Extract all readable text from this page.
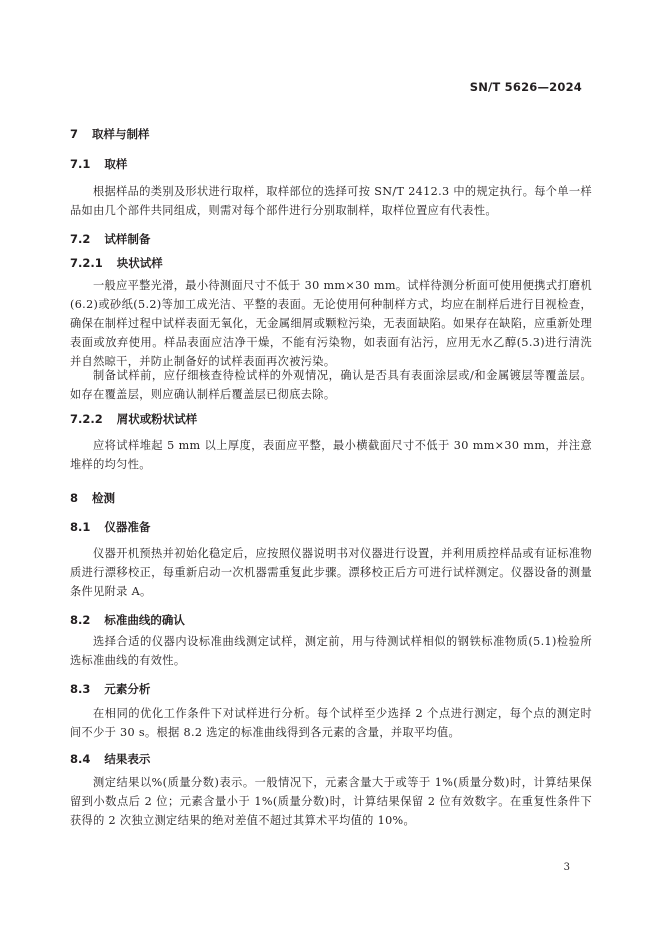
SN/T 5626—2024
7 取样与制样
7.1 取样
根据样品的类别及形状进行取样，取样部位的选择可按 SN/T 2412.3 中的规定执行。每个单一样品如由几个部件共同组成，则需对每个部件进行分别取制样，取样位置应有代表性。
7.2 试样制备
7.2.1 块状试样
一般应平整光滑，最小待测面尺寸不低于 30 mm×30 mm。试样待测分析面可使用便携式打磨机(6.2)或砂纸(5.2)等加工成光洁、平整的表面。无论使用何种制样方式，均应在制样后进行目视检查，确保在制样过程中试样表面无氧化，无金属细屑或颗粒污染，无表面缺陷。如果存在缺陷，应重新处理表面或放弃使用。样品表面应洁净干燥，不能有污染物，如表面有沾污，应用无水乙醇(5.3)进行清洗并自然晾干，并防止制备好的试样表面再次被污染。
制备试样前，应仔细核查待检试样的外观情况，确认是否具有表面涂层或/和金属镀层等覆盖层。如存在覆盖层，则应确认制样后覆盖层已彻底去除。
7.2.2 屑状或粉状试样
应将试样堆起 5 mm 以上厚度，表面应平整，最小横截面尺寸不低于 30 mm×30 mm，并注意堆样的均匀性。
8 检测
8.1 仪器准备
仪器开机预热并初始化稳定后，应按照仪器说明书对仪器进行设置，并利用质控样品或有证标准物质进行漂移校正，每重新启动一次机器需重复此步骤。漂移校正后方可进行试样测定。仪器设备的测量条件见附录 A。
8.2 标准曲线的确认
选择合适的仪器内设标准曲线测定试样，测定前，用与待测试样相似的钢铁标准物质(5.1)检验所选标准曲线的有效性。
8.3 元素分析
在相同的优化工作条件下对试样进行分析。每个试样至少选择 2 个点进行测定，每个点的测定时间不少于 30 s。根据 8.2 选定的标准曲线得到各元素的含量，并取平均值。
8.4 结果表示
测定结果以%(质量分数)表示。一般情况下，元素含量大于或等于 1%(质量分数)时，计算结果保留到小数点后 2 位；元素含量小于 1%(质量分数)时，计算结果保留 2 位有效数字。在重复性条件下获得的 2 次独立测定结果的绝对差值不超过其算术平均值的 10%。
3
